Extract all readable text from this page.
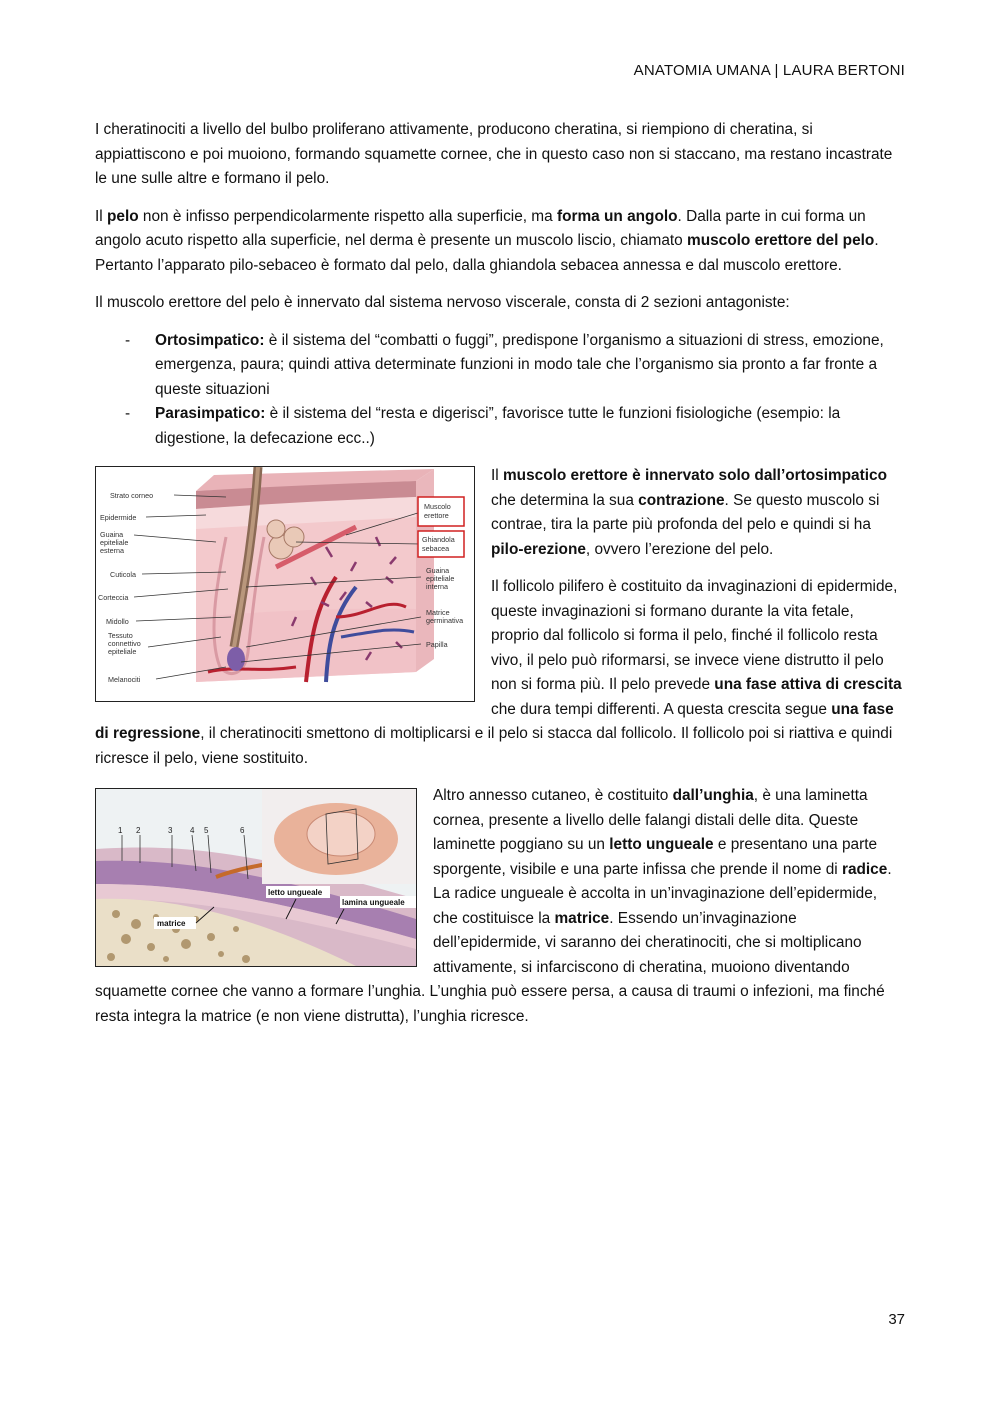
ANATOMIA UMANA | LAURA BERTONI

I cheratinociti a livello del bulbo proliferano attivamente, producono cheratina, si riempiono di cheratina, si appiattiscono e poi muoiono, formando squamette cornee, che in questo caso non si staccano, ma restano incastrate le une sulle altre e formano il pelo.

Il pelo non è infisso perpendicolarmente rispetto alla superficie, ma forma un angolo. Dalla parte in cui forma un angolo acuto rispetto alla superficie, nel derma è presente un muscolo liscio, chiamato muscolo erettore del pelo. Pertanto l’apparato pilo-sebaceo è formato dal pelo, dalla ghiandola sebacea annessa e dal muscolo erettore.

Il muscolo erettore del pelo è innervato dal sistema nervoso viscerale, consta di 2 sezioni antagoniste:

- Ortosimpatico: è il sistema del “combatti o fuggi”, predispone l’organismo a situazioni di stress, emozione, emergenza, paura; quindi attiva determinate funzioni in modo tale che l’organismo sia pronto a far fronte a queste situazioni
- Parasimpatico: è il sistema del “resta e digerisci”, favorisce tutte le funzioni fisiologiche (esempio: la digestione, la defecazione ecc..)
Strato corneo
Epidermide
Guaina
epiteliale
esterna
Cuticola
Corteccia
Midollo
Tessuto
connettivo
epiteliale
Melanociti
Muscolo
erettore
Ghiandola
sebacea
Guaina
epiteliale
interna
Matrice
germinativa
Papilla

Il muscolo erettore è innervato solo dall’ortosimpatico che determina la sua contrazione. Se questo muscolo si contrae, tira la parte più profonda del pelo e quindi si ha pilo-erezione, ovvero l’erezione del pelo.

Il follicolo pilifero è costituito da invaginazioni di epidermide, queste invaginazioni si formano durante la vita fetale, proprio dal follicolo si forma il pelo, finché il follicolo resta vivo, il pelo può riformarsi, se invece viene distrutto il pelo non si forma più. Il pelo prevede una fase attiva di crescita che dura tempi differenti. A questa crescita segue una fase di regressione, il cheratinociti smettono di moltiplicarsi e il pelo si stacca dal follicolo. Il follicolo poi si riattiva e quindi ricresce il pelo, viene sostituito.

1 2	3 4 5	6
letto ungueale
lamina ungueale
matrice

Altro annesso cutaneo, è costituito dall’unghia, è una laminetta cornea, presente a livello delle falangi distali delle dita. Queste laminette poggiano su un letto ungueale e presentano una parte sporgente, visibile e una parte infissa che prende il nome di radice. La radice ungueale è accolta in un’invaginazione dell’epidermide, che costituisce la matrice. Essendo un’invaginazione dell’epidermide, vi saranno dei cheratinociti, che si moltiplicano attivamente, si infarciscono di cheratina, muoiono diventando squamette cornee che vanno a formare l’unghia. L’unghia può essere persa, a causa di traumi o infezioni, ma finché resta integra la matrice (e non viene distrutta), l’unghia ricresce.

37
